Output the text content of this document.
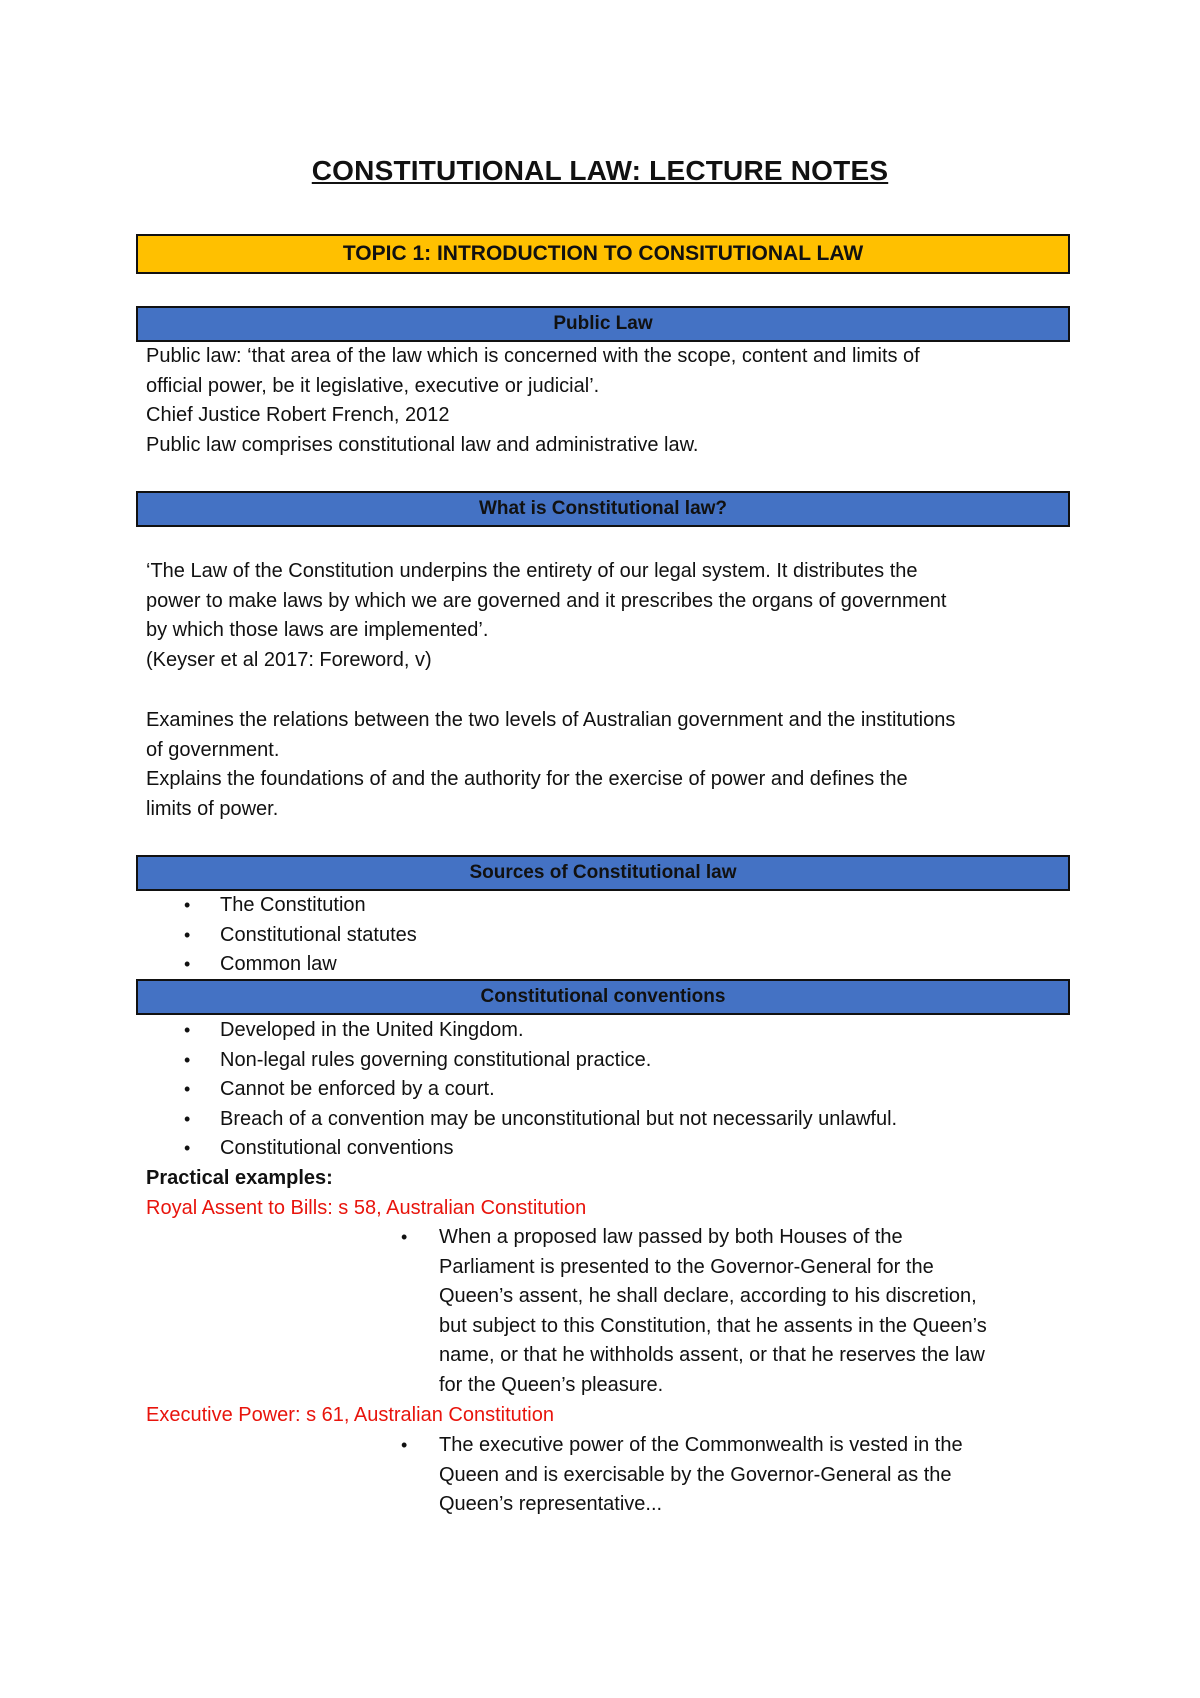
CONSTITUTIONAL LAW: LECTURE NOTES
TOPIC 1: INTRODUCTION TO CONSITUTIONAL LAW
Public Law
Public law: ‘that area of the law which is concerned with the scope, content and limits of
official power, be it legislative, executive or judicial’.
Chief Justice Robert French, 2012
Public law comprises constitutional law and administrative law.
What is Constitutional law?
‘The Law of the Constitution underpins the entirety of our legal system. It distributes the
power to make laws by which we are governed and it prescribes the organs of government
by which those laws are implemented’.
(Keyser et al 2017: Foreword, v)
Examines the relations between the two levels of Australian government and the institutions
of government.
Explains the foundations of and the authority for the exercise of power and defines the
limits of power.
Sources of Constitutional law
• The Constitution
• Constitutional statutes
• Common law
Constitutional conventions
• Developed in the United Kingdom.
• Non-legal rules governing constitutional practice.
• Cannot be enforced by a court.
• Breach of a convention may be unconstitutional but not necessarily unlawful.
• Constitutional conventions
Practical examples:
Royal Assent to Bills: s 58, Australian Constitution
• When a proposed law passed by both Houses of the
Parliament is presented to the Governor-General for the
Queen’s assent, he shall declare, according to his discretion,
but subject to this Constitution, that he assents in the Queen’s
name, or that he withholds assent, or that he reserves the law
for the Queen’s pleasure.
Executive Power: s 61, Australian Constitution
• The executive power of the Commonwealth is vested in the
Queen and is exercisable by the Governor-General as the
Queen’s representative...
